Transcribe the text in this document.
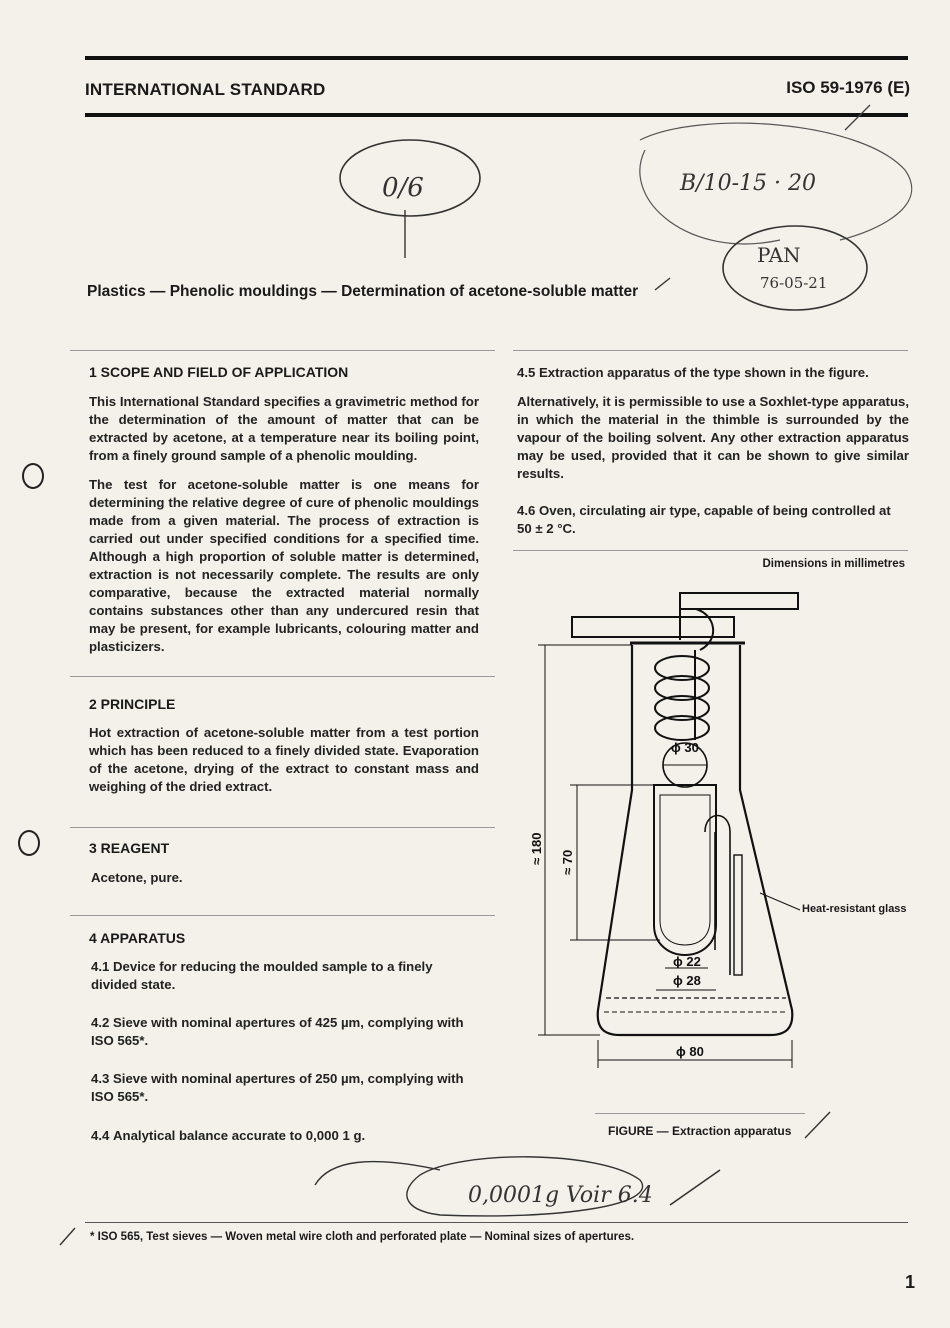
INTERNATIONAL STANDARD	ISO 59-1976 (E)
0/6	B/10-15 · 20
PAN
76-05-21
0,0001g Voir 6.4
Plastics — Phenolic mouldings — Determination of acetone-soluble matter
1 SCOPE AND FIELD OF APPLICATION
This International Standard specifies a gravimetric method for the determination of the amount of matter that can be extracted by acetone, at a temperature near its boiling point, from a finely ground sample of a phenolic moulding.
The test for acetone-soluble matter is one means for determining the relative degree of cure of phenolic mouldings made from a given material. The process of extraction is carried out under specified conditions for a specified time. Although a high proportion of soluble matter is determined, extraction is not necessarily complete. The results are only comparative, because the extracted material normally contains substances other than any undercured resin that may be present, for example lubricants, colouring matter and plasticizers.
2 PRINCIPLE
Hot extraction of acetone-soluble matter from a test portion which has been reduced to a finely divided state. Evaporation of the acetone, drying of the extract to constant mass and weighing of the dried extract.
3 REAGENT
Acetone, pure.
4 APPARATUS
4.1 Device for reducing the moulded sample to a finely divided state.
4.2 Sieve with nominal apertures of 425 µm, complying with ISO 565*.
4.3 Sieve with nominal apertures of 250 µm, complying with ISO 565*.
4.4 Analytical balance accurate to 0,000 1 g.
4.5 Extraction apparatus of the type shown in the figure.
Alternatively, it is permissible to use a Soxhlet-type apparatus, in which the material in the thimble is surrounded by the vapour of the boiling solvent. Any other extraction apparatus may be used, provided that it can be shown to give similar results.
4.6 Oven, circulating air type, capable of being controlled at 50 ± 2 °C.
Dimensions in millimetres
ϕ 30
ϕ 22
ϕ 28
ϕ 80
≈ 180 ≈ 70
Heat-resistant glass
FIGURE — Extraction apparatus
* ISO 565, Test sieves — Woven metal wire cloth and perforated plate — Nominal sizes of apertures.
1
